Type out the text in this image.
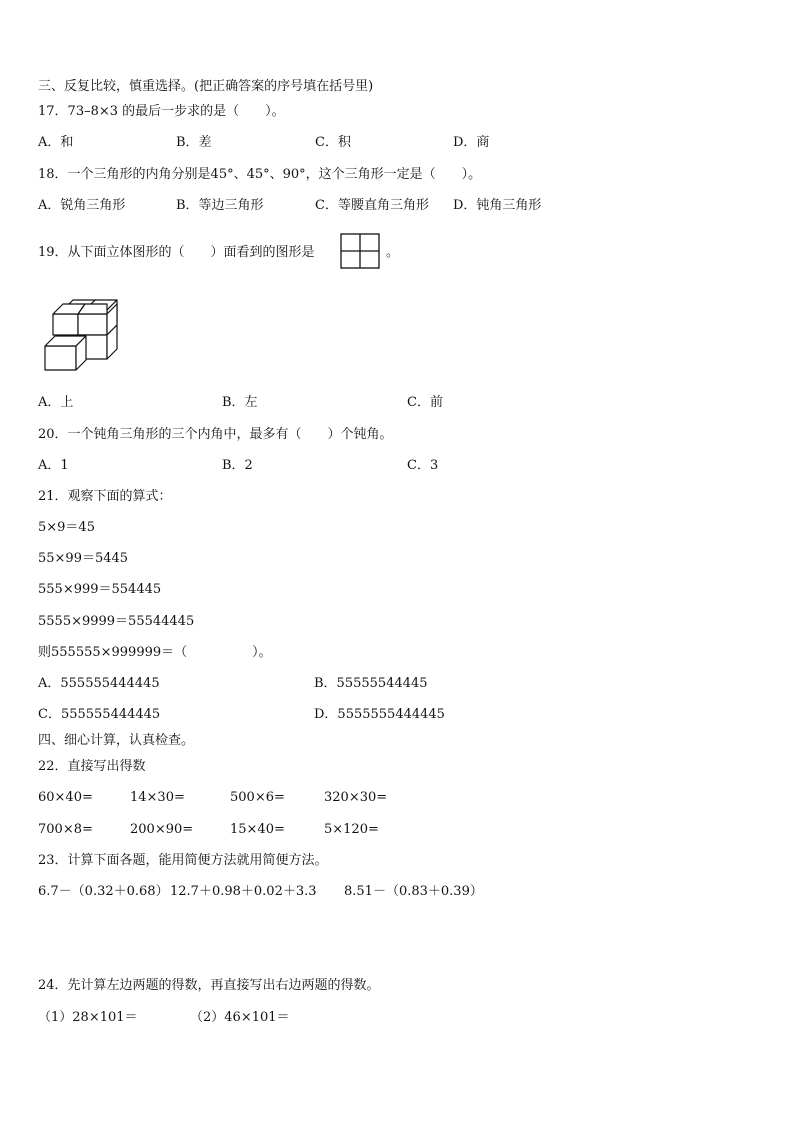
三、反复比较，慎重选择。(把正确答案的序号填在括号里)
17．73–8×3 的最后一步求的是（　　）。
A．和	B．差	C．积	D．商
18．一个三角形的内角分别是45°、45°、90°，这个三角形一定是（　　）。
A．锐角三角形	B．等边三角形	C．等腰直角三角形 D．钝角三角形
19．从下面立体图形的（　　）面看到的图形是	。
A．上	B．左	C．前
20．一个钝角三角形的三个内角中，最多有（　　）个钝角。
A．1	B．2	C．3
21．观察下面的算式：
5×9＝45
55×99＝5445
555×999＝554445
5555×9999＝55544445
则555555×999999＝（　　　　　）。
A．555555444445	B．55555544445
C．555555444445	D．5555555444445
四、细心计算，认真检查。
22．直接写出得数
60×40=	14×30=	500×6=	320×30=
700×8=	200×90=	15×40=	5×120=
23．计算下面各题，能用简便方法就用简便方法。
6.7－（0.32＋0.68） 12.7＋0.98＋0.02＋3.3 8.51－（0.83＋0.39）
24．先计算左边两题的得数，再直接写出右边两题的得数。
（1）28×101＝	（2）46×101＝
